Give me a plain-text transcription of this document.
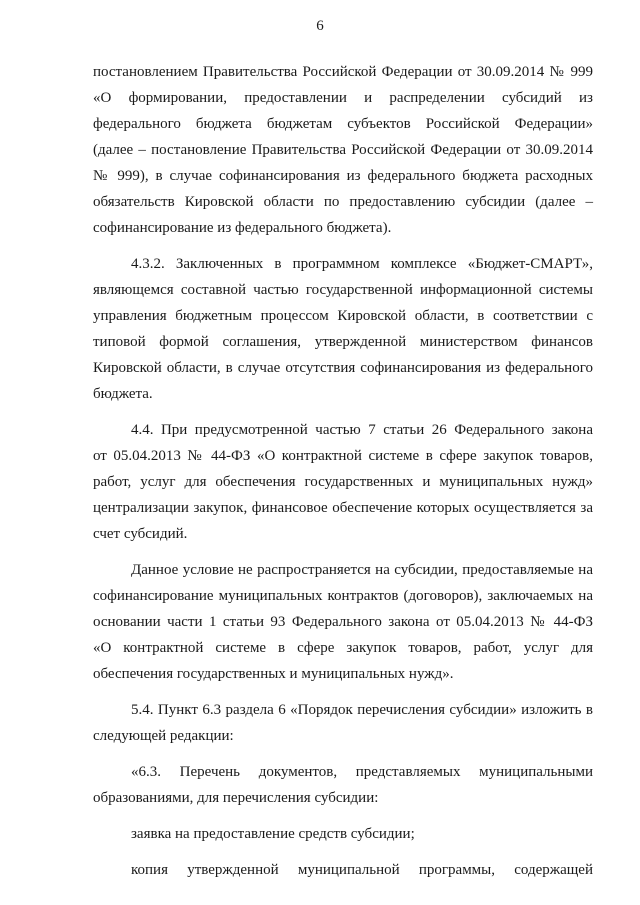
6

постановлением Правительства Российской Федерации от 30.09.2014 № 999
«О формировании, предоставлении и распределении субсидий из
федерального бюджета бюджетам субъектов Российской Федерации»
(далее – постановление Правительства Российской Федерации от 30.09.2014
№ 999), в случае софинансирования из федерального бюджета расходных
обязательств Кировской области по предоставлению субсидии (далее –
софинансирование из федерального бюджета).

4.3.2. Заключенных в программном комплексе «Бюджет-СМАРТ»,
являющемся составной частью государственной информационной системы
управления бюджетным процессом Кировской области, в соответствии с
типовой формой соглашения, утвержденной министерством финансов
Кировской области, в случае отсутствия софинансирования из федерального
бюджета.

4.4. При предусмотренной частью 7 статьи 26 Федерального закона
от 05.04.2013 № 44-ФЗ «О контрактной системе в сфере закупок товаров,
работ, услуг для обеспечения государственных и муниципальных нужд»
централизации закупок, финансовое обеспечение которых осуществляется за
счет субсидий.

Данное условие не распространяется на субсидии, предоставляемые на
софинансирование муниципальных контрактов (договоров), заключаемых на
основании части 1 статьи 93 Федерального закона от 05.04.2013 № 44-ФЗ
«О контрактной системе в сфере закупок товаров, работ, услуг для
обеспечения государственных и муниципальных нужд».

5.4. Пункт 6.3 раздела 6 «Порядок перечисления субсидии» изложить в
следующей редакции:

«6.3. Перечень документов, представляемых муниципальными
образованиями, для перечисления субсидии:

заявка на предоставление средств субсидии;

копия утвержденной муниципальной программы, содержащей
